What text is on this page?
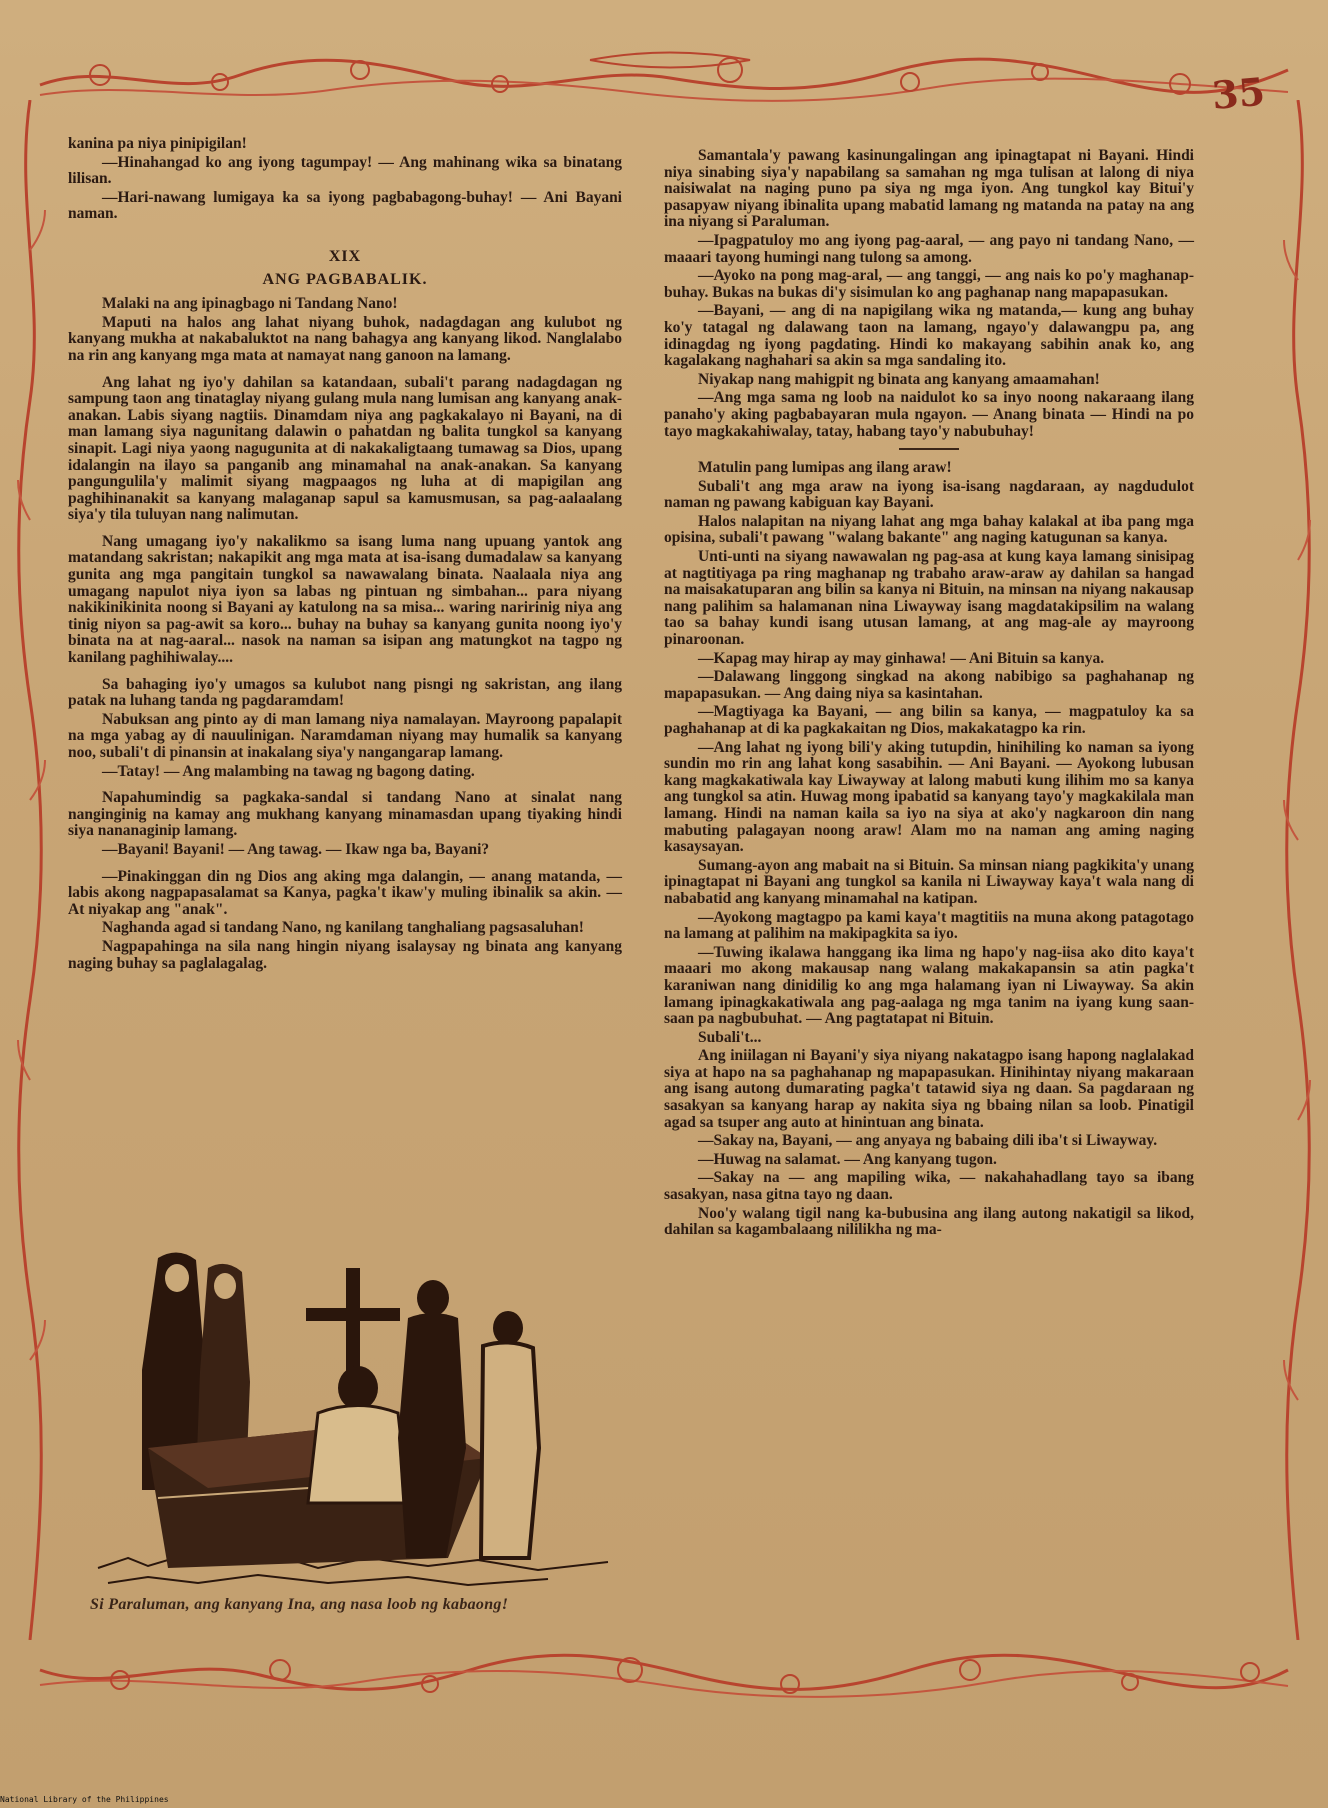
35

kanina pa niya pinipigilan!

—Hinahangad ko ang iyong tagumpay! — Ang mahinang wika sa binatang lilisan.

—Hari-nawang lumigaya ka sa iyong pagbabagong-buhay! — Ani Bayani naman.

XIX
ANG PAGBABALIK.

Malaki na ang ipinagbago ni Tandang Nano!

Maputi na halos ang lahat niyang buhok, nadagdagan ang kulubot ng kanyang mukha at nakabaluktot na nang bahagya ang kanyang likod. Nanglalabo na rin ang kanyang mga mata at namayat nang ganoon na lamang.

Ang lahat ng iyo'y dahilan sa katandaan, subali't parang nadagdagan ng sampung taon ang tinataglay niyang gulang mula nang lumisan ang kanyang anak-anakan. Labis siyang nagtiis. Dinamdam niya ang pagkakalayo ni Bayani, na di man lamang siya nagunitang dalawin o pahatdan ng balita tungkol sa kanyang sinapit. Lagi niya yaong nagugunita at di nakakaligtaang tumawag sa Dios, upang idalangin na ilayo sa panganib ang minamahal na anak-anakan. Sa kanyang pangungulila'y malimit siyang magpaagos ng luha at di mapigilan ang paghihinanakit sa kanyang malaganap sapul sa kamusmusan, sa pag-aalaalang siya'y tila tuluyan nang nalimutan.

Nang umagang iyo'y nakalikmo sa isang luma nang upuang yantok ang matandang sakristan; nakapikit ang mga mata at isa-isang dumadalaw sa kanyang gunita ang mga pangitain tungkol sa nawawalang binata. Naalaala niya ang umagang napulot niya iyon sa labas ng pintuan ng simbahan... para niyang nakikinikinita noong si Bayani ay katulong na sa misa... waring naririnig niya ang tinig niyon sa pag-awit sa koro... buhay na buhay sa kanyang gunita noong iyo'y binata na at nag-aaral... nasok na naman sa isipan ang matungkot na tagpo ng kanilang paghihiwalay....

Sa bahaging iyo'y umagos sa kulubot nang pisngi ng sakristan, ang ilang patak na luhang tanda ng pagdaramdam!

Nabuksan ang pinto ay di man lamang niya namalayan. Mayroong papalapit na mga yabag ay di nauulinigan. Naramdaman niyang may humalik sa kanyang noo, subali't di pinansin at inakalang siya'y nangangarap lamang.

—Tatay! — Ang malambing na tawag ng bagong dating.

Napahumindig sa pagkaka-sandal si tandang Nano at sinalat nang nanginginig na kamay ang mukhang kanyang minamasdan upang tiyaking hindi siya nananaginip lamang.

—Bayani! Bayani! — Ang tawag. — Ikaw nga ba, Bayani?

—Pinakinggan din ng Dios ang aking mga dalangin, — anang matanda, — labis akong nagpapasalamat sa Kanya, pagka't ikaw'y muling ibinalik sa akin. — At niyakap ang "anak".

Naghanda agad si tandang Nano, ng kanilang tanghaliang pagsasaluhan!

Nagpapahinga na sila nang hingin niyang isalaysay ng binata ang kanyang naging buhay sa paglalagalag.

Si Paraluman, ang kanyang Ina, ang nasa loob ng kabaong!

Samantala'y pawang kasinungalingan ang ipinagtapat ni Bayani. Hindi niya sinabing siya'y napabilang sa samahan ng mga tulisan at lalong di niya naisiwalat na naging puno pa siya ng mga iyon. Ang tungkol kay Bitui'y pasapyaw niyang ibinalita upang mabatid lamang ng matanda na patay na ang ina niyang si Paraluman.

—Ipagpatuloy mo ang iyong pag-aaral, — ang payo ni tandang Nano, — maaari tayong humingi nang tulong sa among.

—Ayoko na pong mag-aral, — ang tanggi, — ang nais ko po'y maghanap-buhay. Bukas na bukas di'y sisimulan ko ang paghanap nang mapapasukan.

—Bayani, — ang di na napigilang wika ng matanda,— kung ang buhay ko'y tatagal ng dalawang taon na lamang, ngayo'y dalawangpu pa, ang idinagdag ng iyong pagdating. Hindi ko makayang sabihin anak ko, ang kagalakang naghahari sa akin sa mga sandaling ito.

Niyakap nang mahigpit ng binata ang kanyang amaamahan!

—Ang mga sama ng loob na naidulot ko sa inyo noong nakaraang ilang panaho'y aking pagbabayaran mula ngayon. — Anang binata — Hindi na po tayo magkakahiwalay, tatay, habang tayo'y nabubuhay!

Matulin pang lumipas ang ilang araw!

Subali't ang mga araw na iyong isa-isang nagdaraan, ay nagdudulot naman ng pawang kabiguan kay Bayani.

Halos nalapitan na niyang lahat ang mga bahay kalakal at iba pang mga opisina, subali't pawang "walang bakante" ang naging katugunan sa kanya.

Unti-unti na siyang nawawalan ng pag-asa at kung kaya lamang sinisipag at nagtitiyaga pa ring maghanap ng trabaho araw-araw ay dahilan sa hangad na maisakatuparan ang bilin sa kanya ni Bituin, na minsan na niyang nakausap nang palihim sa halamanan nina Liwayway isang magdatakipsilim na walang tao sa bahay kundi isang utusan lamang, at ang mag-ale ay mayroong pinaroonan.

—Kapag may hirap ay may ginhawa! — Ani Bituin sa kanya.

—Dalawang linggong singkad na akong nabibigo sa paghahanap ng mapapasukan. — Ang daing niya sa kasintahan.

—Magtiyaga ka Bayani, — ang bilin sa kanya, — magpatuloy ka sa paghahanap at di ka pagkakaitan ng Dios, makakatagpo ka rin.

—Ang lahat ng iyong bili'y aking tutupdin, hinihiling ko naman sa iyong sundin mo rin ang lahat kong sasabihin. — Ani Bayani. — Ayokong lubusan kang magkakatiwala kay Liwayway at lalong mabuti kung ilihim mo sa kanya ang tungkol sa atin. Huwag mong ipabatid sa kanyang tayo'y magkakilala man lamang. Hindi na naman kaila sa iyo na siya at ako'y nagkaroon din nang mabuting palagayan noong araw! Alam mo na naman ang aming naging kasaysayan.

Sumang-ayon ang mabait na si Bituin. Sa minsan niang pagkikita'y unang ipinagtapat ni Bayani ang tungkol sa kanila ni Liwayway kaya't wala nang di nababatid ang kanyang minamahal na katipan.

—Ayokong magtagpo pa kami kaya't magtitiis na muna akong patagotago na lamang at palihim na makipagkita sa iyo.

—Tuwing ikalawa hanggang ika lima ng hapo'y nag-iisa ako dito kaya't maaari mo akong makausap nang walang makakapansin sa atin pagka't karaniwan nang dinidilig ko ang mga halamang iyan ni Liwayway. Sa akin lamang ipinagkakatiwala ang pag-aalaga ng mga tanim na iyang kung saan-saan pa nagbubuhat. — Ang pagtatapat ni Bituin.

Subali't...

Ang iniilagan ni Bayani'y siya niyang nakatagpo isang hapong naglalakad siya at hapo na sa paghahanap ng mapapasukan. Hinihintay niyang makaraan ang isang autong dumarating pagka't tatawid siya ng daan. Sa pagdaraan ng sasakyan sa kanyang harap ay nakita siya ng bbaing nilan sa loob. Pinatigil agad sa tsuper ang auto at hinintuan ang binata.

—Sakay na, Bayani, — ang anyaya ng babaing dili iba't si Liwayway.

—Huwag na salamat. — Ang kanyang tugon.

—Sakay na — ang mapiling wika, — nakahahadlang tayo sa ibang sasakyan, nasa gitna tayo ng daan.

Noo'y walang tigil nang ka-bubusina ang ilang autong nakatigil sa likod, dahilan sa kagambalaang nililikha ng ma-

National Library of the Philippines
